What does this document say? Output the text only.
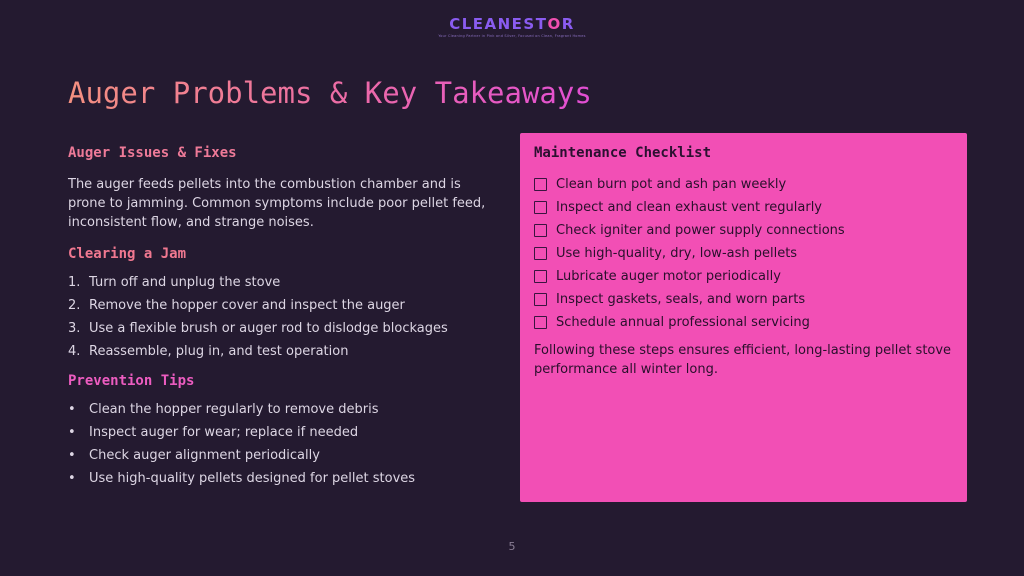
CLEANESTOR
Your Cleaning Partner in Pink and Silver, Focused on Clean, Fragrant Homes
Auger Problems & Key Takeaways
Auger Issues & Fixes

The auger feeds pellets into the combustion chamber and is prone to jamming. Common symptoms include poor pellet feed, inconsistent flow, and strange noises.

Clearing a Jam
1. Turn off and unplug the stove
2. Remove the hopper cover and inspect the auger
3. Use a flexible brush or auger rod to dislodge blockages
4. Reassemble, plug in, and test operation
Prevention Tips
• Clean the hopper regularly to remove debris
• Inspect auger for wear; replace if needed
• Check auger alignment periodically
• Use high-quality pellets designed for pellet stoves
Maintenance Checklist
Clean burn pot and ash pan weekly
Inspect and clean exhaust vent regularly
Check igniter and power supply connections
Use high-quality, dry, low-ash pellets
Lubricate auger motor periodically
Inspect gaskets, seals, and worn parts
Schedule annual professional servicing

Following these steps ensures efficient, long-lasting pellet stove performance all winter long.

5
